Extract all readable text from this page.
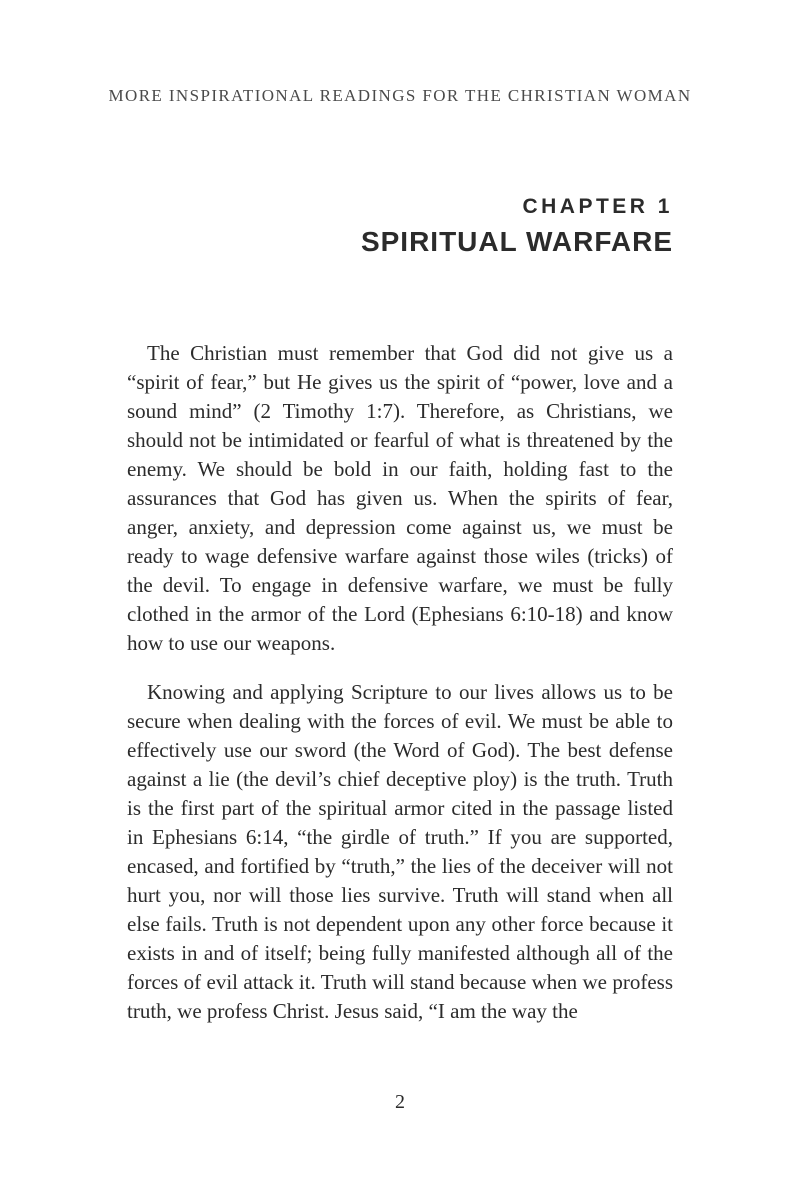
MORE INSPIRATIONAL READINGS FOR THE CHRISTIAN WOMAN
CHAPTER 1
SPIRITUAL WARFARE

The Christian must remember that God did not give us a “spirit of fear,” but He gives us the spirit of “power, love and a sound mind” (2 Timothy 1:7). Therefore, as Christians, we should not be intimidated or fearful of what is threatened by the enemy. We should be bold in our faith, holding fast to the assurances that God has given us. When the spirits of fear, anger, anxiety, and depression come against us, we must be ready to wage defensive warfare against those wiles (tricks) of the devil. To engage in defensive warfare, we must be fully clothed in the armor of the Lord (Ephesians 6:10-18) and know how to use our weapons.

Knowing and applying Scripture to our lives allows us to be secure when dealing with the forces of evil. We must be able to effectively use our sword (the Word of God). The best defense against a lie (the devil’s chief deceptive ploy) is the truth. Truth is the first part of the spiritual armor cited in the passage listed in Ephesians 6:14, “the girdle of truth.” If you are supported, encased, and fortified by “truth,” the lies of the deceiver will not hurt you, nor will those lies survive. Truth will stand when all else fails. Truth is not dependent upon any other force because it exists in and of itself; being fully manifested although all of the forces of evil attack it. Truth will stand because when we profess truth, we profess Christ. Jesus said, “I am the way the

2
